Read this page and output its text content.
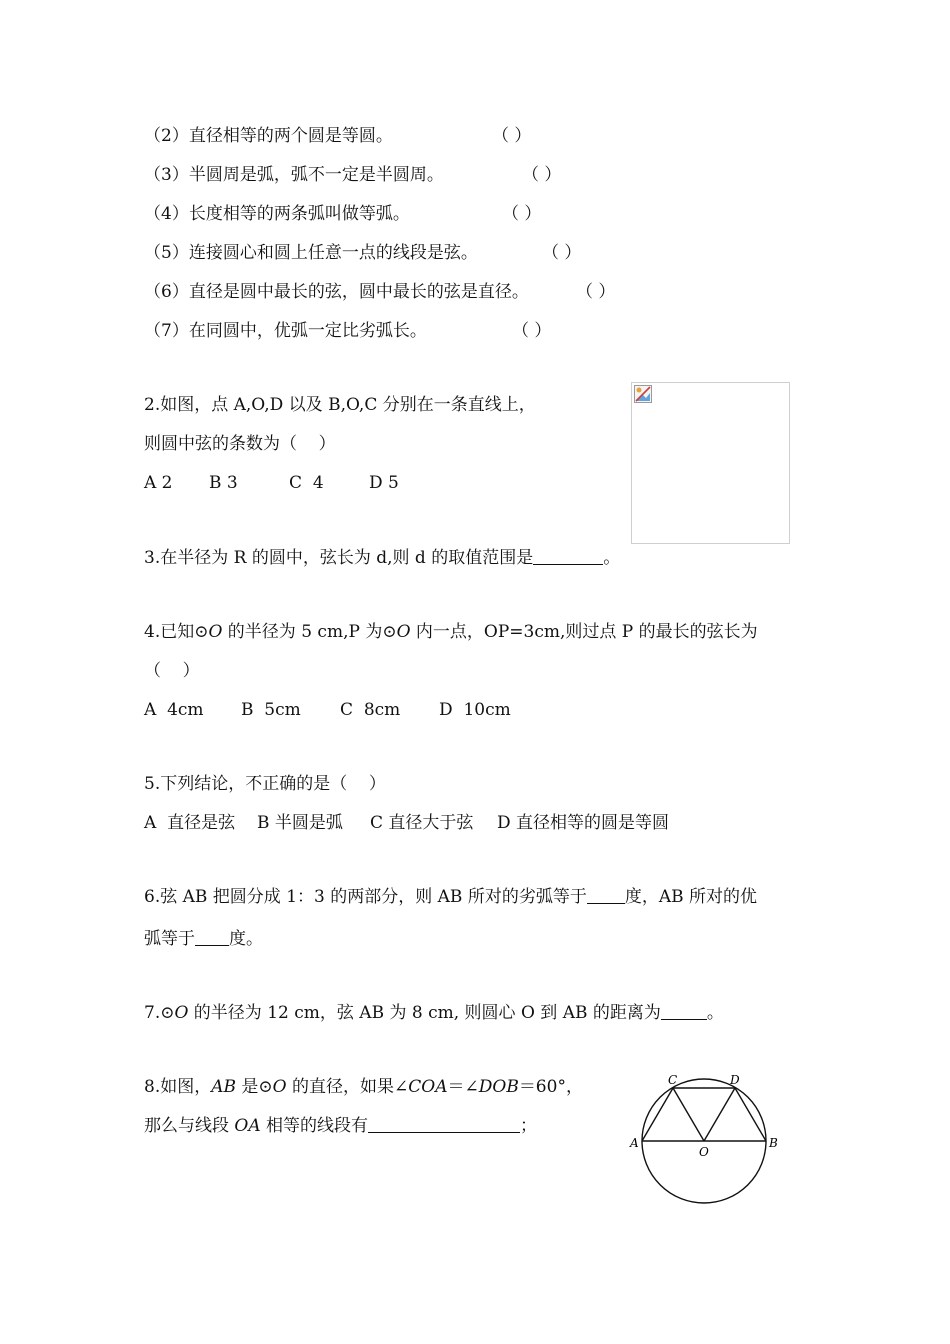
（2）直径相等的两个圆是等圆。	（ ）
（3）半圆周是弧，弧不一定是半圆周。	（ ）
（4）长度相等的两条弧叫做等弧。	（ ）
（5）连接圆心和圆上任意一点的线段是弦。	（ ）
（6）直径是圆中最长的弦，圆中最长的弦是直径。	（ ）
（7）在同圆中，优弧一定比劣弧长。	（ ）
2.如图，点 A,O,D 以及 B,O,C 分别在一条直线上，
则圆中弦的条数为（    ）
A 2 B 3	C  4	D 5
3.在半径为 R 的圆中，弦长为 d,则 d 的取值范围是	。
4.已知⊙O 的半径为 5 cm,P 为⊙O 内一点，OP=3cm,则过点 P 的最长的弦长为
（    ）
A  4cm B  5cm C  8cm D  10cm
5.下列结论，不正确的是（    ）
A  直径是弦 B 半圆是弧 C 直径大于弦 D 直径相等的圆是等圆
6.弦 AB 把圆分成 1：3 的两部分，则 AB 所对的劣弧等于 度，AB 所对的优
弧等于 度。
7.⊙O 的半径为 12 cm，弦 AB 为 8 cm, 则圆心 O 到 AB 的距离为	。
8.如图，AB 是⊙O 的直径，如果∠COA＝∠DOB＝60°，
那么与线段 OA 相等的线段有	；
A	B
C	D
O
